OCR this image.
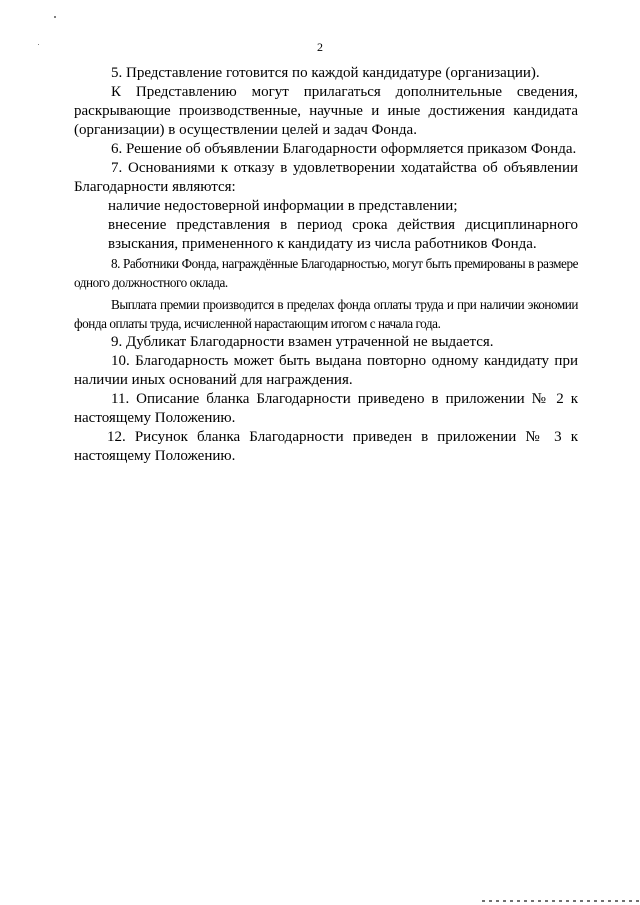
2

5. Представление готовится по каждой кандидатуре (организации).

К Представлению могут прилагаться дополнительные сведения, раскрывающие производственные, научные и иные достижения кандидата (организации) в осуществлении целей и задач Фонда.

6. Решение об объявлении Благодарности оформляется приказом Фонда.

7. Основаниями к отказу в удовлетворении ходатайства об объявлении Благодарности являются:

наличие недостоверной информации в представлении;

внесение представления в период срока действия дисциплинарного взыскания, примененного к кандидату из числа работников Фонда.

8. Работники Фонда, награждённые Благодарностью, могут быть премированы в размере одного должностного оклада.

Выплата премии производится в пределах фонда оплаты труда и при наличии экономии фонда оплаты труда, исчисленной нарастающим итогом с начала года.

9. Дубликат Благодарности взамен утраченной не выдается.

10. Благодарность может быть выдана повторно одному кандидату при наличии иных оснований для награждения.

11. Описание бланка Благодарности приведено в приложении № 2 к настоящему Положению.

12. Рисунок бланка Благодарности приведен в приложении № 3 к настоящему Положению.
